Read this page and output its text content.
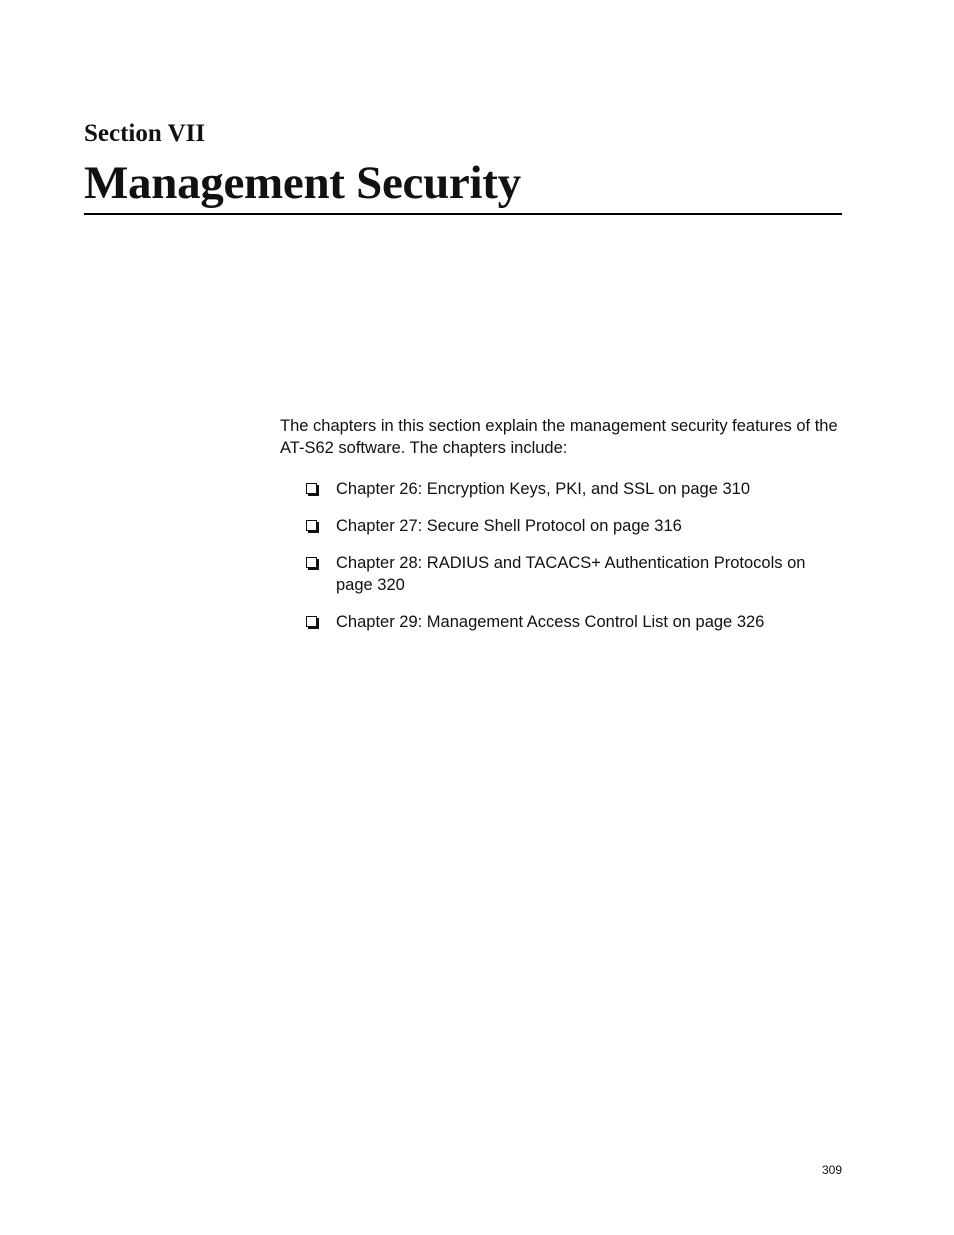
Section VII
Management Security

The chapters in this section explain the management security features of the AT-S62 software. The chapters include:

Chapter 26: Encryption Keys, PKI, and SSL on page 310
Chapter 27: Secure Shell Protocol on page 316
Chapter 28: RADIUS and TACACS+ Authentication Protocols on page 320
Chapter 29: Management Access Control List on page 326
309
